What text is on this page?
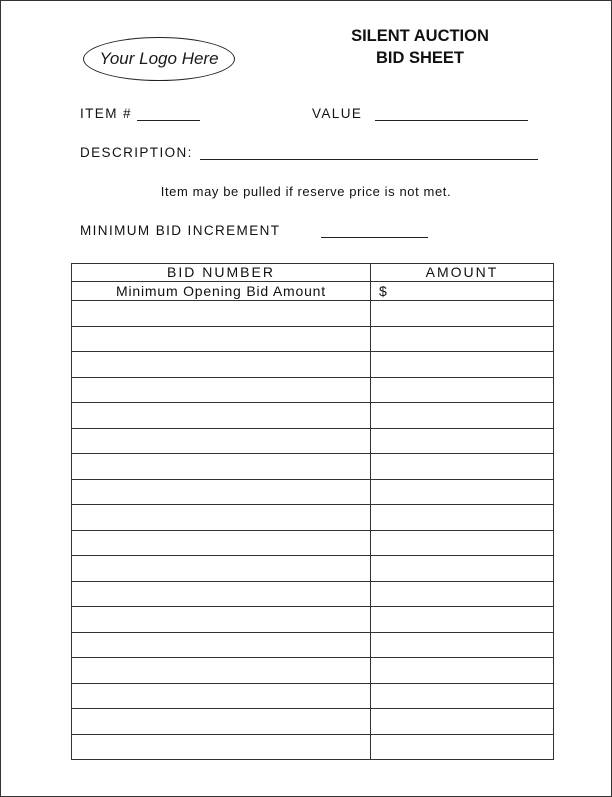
Your Logo Here
SILENT AUCTION
BID SHEET
ITEM #	VALUE
DESCRIPTION:
Item may be pulled if reserve price is not met.
MINIMUM BID INCREMENT
BID NUMBER	AMOUNT
Minimum Opening Bid Amount	$
